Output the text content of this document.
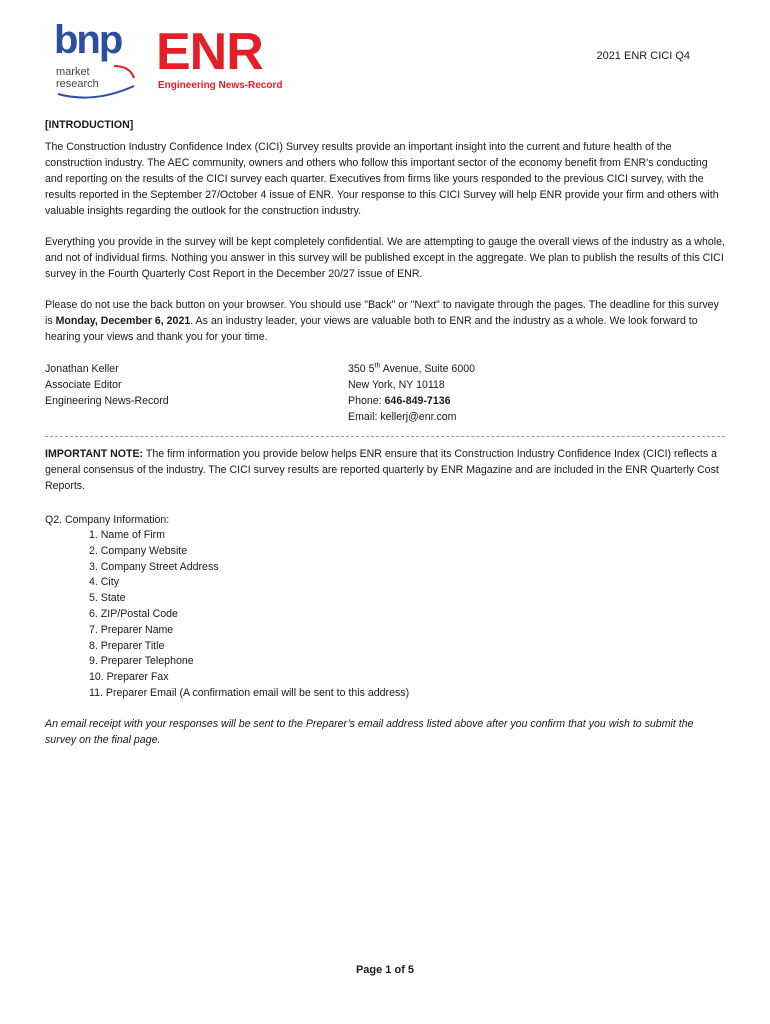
bnp
market
research
ENR
Engineering News-Record
2021 ENR CICI Q4
[INTRODUCTION]
The Construction Industry Confidence Index (CICI) Survey results provide an important insight into the current and future health of the construction industry. The AEC community, owners and others who follow this important sector of the economy benefit from ENR's conducting and reporting on the results of the CICI survey each quarter. Executives from firms like yours responded to the previous CICI survey, with the results reported in the September 27/October 4 issue of ENR. Your response to this CICI Survey will help ENR provide your firm and others with valuable insights regarding the outlook for the construction industry.
Everything you provide in the survey will be kept completely confidential. We are attempting to gauge the overall views of the industry as a whole, and not of individual firms. Nothing you answer in this survey will be published except in the aggregate. We plan to publish the results of this CICI survey in the Fourth Quarterly Cost Report in the December 20/27 issue of ENR.
Please do not use the back button on your browser. You should use "Back" or "Next" to navigate through the pages. The deadline for this survey is Monday, December 6, 2021. As an industry leader, your views are valuable both to ENR and the industry as a whole. We look forward to hearing your views and thank you for your time.
Jonathan Keller
Associate Editor
Engineering News-Record
350 5th Avenue, Suite 6000
New York, NY 10118
Phone: 646-849-7136
Email: kellerj@enr.com
IMPORTANT NOTE: The firm information you provide below helps ENR ensure that its Construction Industry Confidence Index (CICI) reflects a general consensus of the industry. The CICI survey results are reported quarterly by ENR Magazine and are included in the ENR Quarterly Cost Reports.
Q2. Company Information:
1. Name of Firm
2. Company Website
3. Company Street Address
4. City
5. State
6. ZIP/Postal Code
7. Preparer Name
8. Preparer Title
9. Preparer Telephone
10. Preparer Fax
11. Preparer Email (A confirmation email will be sent to this address)
An email receipt with your responses will be sent to the Preparer’s email address listed above after you confirm that you wish to submit the survey on the final page.
Page 1 of 5
